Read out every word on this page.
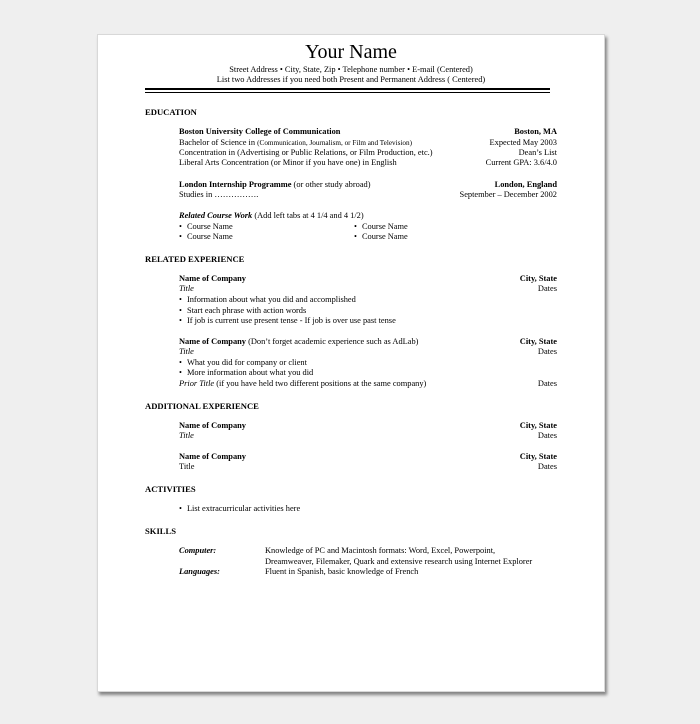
Your Name
Street Address • City, State, Zip • Telephone number • E-mail (Centered)
List two Addresses if you need both Present and Permanent Address ( Centered)
EDUCATION
Boston University College of Communication	Boston, MA
Bachelor of Science in (Communication, Journalism, or Film and Television)	Expected May 2003
Concentration in (Advertising or Public Relations, or Film Production, etc.)	Dean’s List
Liberal Arts Concentration (or Minor if you have one) in English	Current GPA: 3.6/4.0
London Internship Programme (or other study abroad)	London, England
Studies in …………….	September – December 2002
Related Course Work (Add left tabs at 4 1/4 and 4 1/2)
• Course Name
• Course Name
• Course Name
• Course Name
RELATED EXPERIENCE
Name of Company	City, State
Title	Dates
• Information about what you did and accomplished
• Start each phrase with action words
• If job is current use present tense - If job is over use past tense
Name of Company (Don’t forget academic experience such as AdLab)	City, State
Title	Dates
• What you did for company or client
• More information about what you did
Prior Title (if you have held two different positions at the same company)	Dates
ADDITIONAL EXPERIENCE
Name of Company	City, State
Title	Dates
Name of Company	City, State
Title	Dates
ACTIVITIES
• List extracurricular activities here
SKILLS
Computer:	Knowledge of PC and Macintosh formats: Word, Excel, Powerpoint,
Dreamweaver, Filemaker, Quark and extensive research using Internet Explorer
Languages:	Fluent in Spanish, basic knowledge of French
